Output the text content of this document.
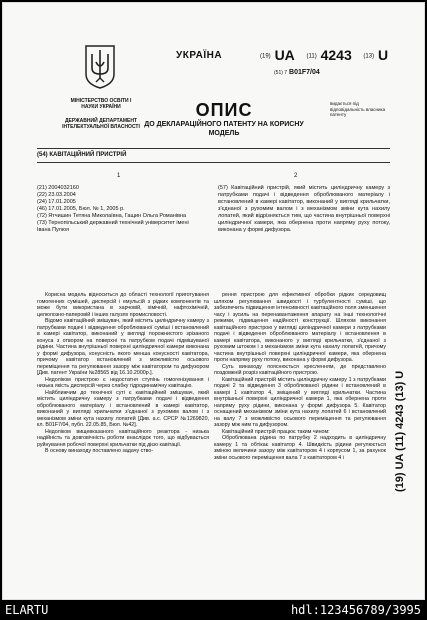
МІНІСТЕРСТВО ОСВІТИ І НАУКИ УКРАЇНИ
ДЕРЖАВНИЙ ДЕПАРТАМЕНТ ІНТЕЛЕКТУАЛЬНОЇ ВЛАСНОСТІ
УКРАЇНА	(19) UA (11) 4243 (13) U
(51) 7 B01F7/04
ОПИС
ДО ДЕКЛАРАЦІЙНОГО ПАТЕНТУ НА КОРИСНУ МОДЕЛЬ
видається під відповідальність власника патенту
(54) КАВІТАЦІЙНИЙ ПРИСТРІЙ
1	2

(21) 2004032160

(22) 23.03.2004

(24) 17.01.2005

(46) 17.01.2005, Бюл. № 1, 2005 р.

(72) Ятчишин Тетяна Миколаївна, Гащин Ольга Романівна

(73) Тернопільський державний технічний університет імені Івана Пулюя

(57) Кавітаційний пристрій, який містить циліндричну камеру з патрубками подачі і відведення оброблюваного матеріалу і встановлений в камері кавітатор, виконаний у вигляді крильчатки, з'єднаної з рухомим валом і з механізмом зміни кута нахилу лопатей, який відрізняється тим, що частина внутрішньої поверхні циліндричної камери, яка обернена проти напряму руху потоку, виконана у формі дифузора.

Корисна модель відноситься до області технології приготування гомогенних сумішей, дисперсій і емульсій з рідких компонентів та може бути використана в харчовій, хімічній, нафтохімічній, целюлозно-паперовій і інших галузях промисловості.

Відомо кавітаційний змішувач, який містить циліндричну камеру з патрубками подачі і відведення оброблюваної суміші і встановлений в камері кавітатор, виконаний у вигляді порожнистого зрізаного конуса з отвором на поверхні та патрубком подачі підмішуваної рідини. Частина внутрішньої поверхні циліндричної камери виконана у формі дифузора, конусність якого менша конусності кавітатора, причому кавітатор встановлений з можливістю осьового переміщення та регулювання зазору між кавітатором та дифузором [Див. патент України №28565 від 16.10.2000р.].

Недоліком пристрою є недостатня ступінь гомогенізування і низька якість дисперсій через слабку гідродинамічну кавітацію.

Найближчим до технічної суті є кавітаційний змішувач, який містить циліндричну камеру з патрубками подачі і відведення оброблюваного матеріалу і встановлений в камері кавітатор, виконаний у вигляді крильчатки з'єднаної з рухомим валом і з механізмом зміни кута нахилу лопатей [Див. а.с. СРСР №1269820, кл. B01F7/04, публ. 22.05.85, Бюл. №42].

Недоліком вищевказаного кавітаційного реактора - низька надійність та довговічність роботи внаслідок того, що відбувається руйнування робочої поверхні крильчатки під дією кавітації.

В основу винаходу поставлено задачу ство-

рення пристрою для ефективної обробки рідких середовищ шляхом регулювання швидкості і турбулентності суміші, що забезпечить підвищення інтенсивності кавітаційного поля зменшення часу і зусиль на перенавантаження апарату на інші технологічні режими, підвищення надійності конструкції. Шляхом виконання кавітаційного пристрою у вигляді циліндричної камери з патрубками подачі і відведення оброблюваного матеріалу і встановлення в камері кавітатора, виконаного у вигляді крильчатки, з'єднаної з рухомим штоком і з механізмом зміни кута нахилу лопатей, причому частина внутрішньої поверхні циліндричної камери, яка обернена проти напряму руху потоку, виконана у формі дифузора.

Суть винаходу пояснюється кресленням, де представлено поздовжній розріз кавітаційного пристрою.

Кавітаційний пристрій містить циліндричну камеру 1 з патрубками подачі 2 та відведення 3 оброблюваної рідини і встановлений в камері 1 кавітатор 4, зміщений у вигляді крильчатки. Частина внутрішньої поверхні циліндричної камери 1, яка обернена проти напряму руху рідини, виконана у формі дифузора 5. Кавітатор оснащений механізмом зміни кута нахилу лопатей 6 і встановлений на валу 7 з можливістю осьового переміщення та регулювання зазору між ним та дифузором.

Кавітаційний пристрій працює таким чином:

Оброблювана рідина по патрубку 2 надходить в циліндричну камеру 1 та обтікає кавітатор 4. Швидкість рідини регулюється зміною величини зазору між кавітатором 4 і корпусом 1, за рахунок зміни осьового переміщення вала 7 з кавітатором 4 і	(19) UA (11) 4243 (13) U
ELARTU	hdl:123456789/3995
